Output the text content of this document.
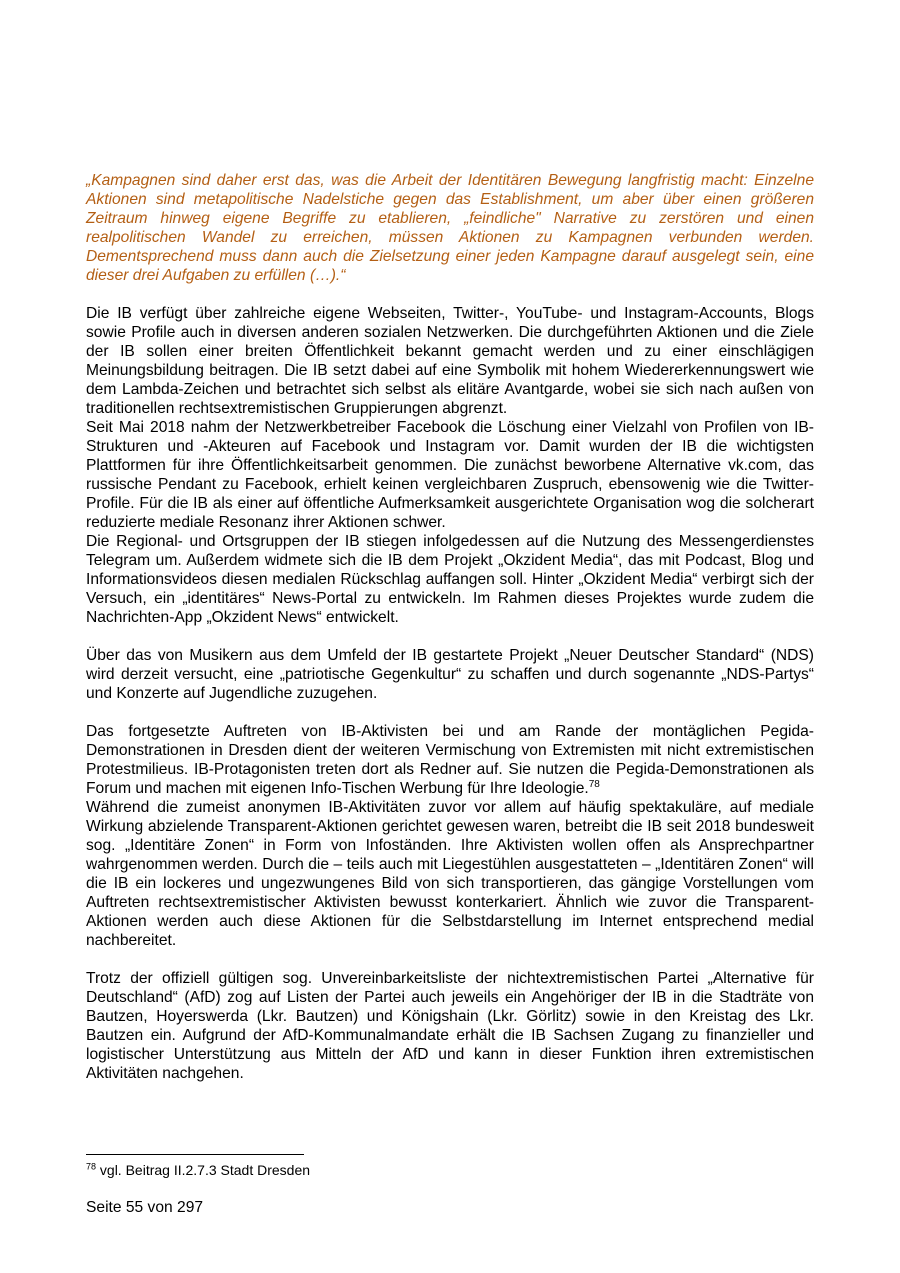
„Kampagnen sind daher erst das, was die Arbeit der Identitären Bewegung langfristig macht: Einzelne Aktionen sind metapolitische Nadelstiche gegen das Establishment, um aber über einen größeren Zeitraum hinweg eigene Begriffe zu etablieren, „feindliche" Narrative zu zerstören und einen realpolitischen Wandel zu erreichen, müssen Aktionen zu Kampagnen verbunden werden. Dementsprechend muss dann auch die Zielsetzung einer jeden Kampagne darauf ausgelegt sein, eine dieser drei Aufgaben zu erfüllen (…).“

Die IB verfügt über zahlreiche eigene Webseiten, Twitter-, YouTube- und Instagram-Accounts, Blogs sowie Profile auch in diversen anderen sozialen Netzwerken. Die durchgeführten Aktionen und die Ziele der IB sollen einer breiten Öffentlichkeit bekannt gemacht werden und zu einer einschlägigen Meinungsbildung beitragen. Die IB setzt dabei auf eine Symbolik mit hohem Wiedererkennungswert wie dem Lambda-Zeichen und betrachtet sich selbst als elitäre Avantgarde, wobei sie sich nach außen von traditionellen rechtsextremistischen Gruppierungen abgrenzt.

Seit Mai 2018 nahm der Netzwerkbetreiber Facebook die Löschung einer Vielzahl von Profilen von IB-Strukturen und -Akteuren auf Facebook und Instagram vor. Damit wurden der IB die wichtigsten Plattformen für ihre Öffentlichkeitsarbeit genommen. Die zunächst beworbene Alternative vk.com, das russische Pendant zu Facebook, erhielt keinen vergleichbaren Zuspruch, ebensowenig wie die Twitter-Profile. Für die IB als einer auf öffentliche Aufmerksamkeit ausgerichtete Organisation wog die solcherart reduzierte mediale Resonanz ihrer Aktionen schwer.

Die Regional- und Ortsgruppen der IB stiegen infolgedessen auf die Nutzung des Messengerdienstes Telegram um. Außerdem widmete sich die IB dem Projekt „Okzident Media“, das mit Podcast, Blog und Informationsvideos diesen medialen Rückschlag auffangen soll. Hinter „Okzident Media“ verbirgt sich der Versuch, ein „identitäres“ News-Portal zu entwickeln. Im Rahmen dieses Projektes wurde zudem die Nachrichten-App „Okzident News“ entwickelt.

Über das von Musikern aus dem Umfeld der IB gestartete Projekt „Neuer Deutscher Standard“ (NDS) wird derzeit versucht, eine „patriotische Gegenkultur“ zu schaffen und durch sogenannte „NDS-Partys“ und Konzerte auf Jugendliche zuzugehen.

Das fortgesetzte Auftreten von IB-Aktivisten bei und am Rande der montäglichen Pegida-Demonstrationen in Dresden dient der weiteren Vermischung von Extremisten mit nicht extremistischen Protestmilieus. IB-Protagonisten treten dort als Redner auf. Sie nutzen die Pegida-Demonstrationen als Forum und machen mit eigenen Info-Tischen Werbung für Ihre Ideologie.$^{78}$

Während die zumeist anonymen IB-Aktivitäten zuvor vor allem auf häufig spektakuläre, auf mediale Wirkung abzielende Transparent-Aktionen gerichtet gewesen waren, betreibt die IB seit 2018 bundesweit sog. „Identitäre Zonen“ in Form von Infoständen. Ihre Aktivisten wollen offen als Ansprechpartner wahrgenommen werden. Durch die – teils auch mit Liegestühlen ausgestatteten – „Identitären Zonen“ will die IB ein lockeres und ungezwungenes Bild von sich transportieren, das gängige Vorstellungen vom Auftreten rechtsextremistischer Aktivisten bewusst konterkariert. Ähnlich wie zuvor die Transparent-Aktionen werden auch diese Aktionen für die Selbstdarstellung im Internet entsprechend medial nachbereitet.

Trotz der offiziell gültigen sog. Unvereinbarkeitsliste der nichtextremistischen Partei „Alternative für Deutschland“ (AfD) zog auf Listen der Partei auch jeweils ein Angehöriger der IB in die Stadträte von Bautzen, Hoyerswerda (Lkr. Bautzen) und Königshain (Lkr. Görlitz) sowie in den Kreistag des Lkr. Bautzen ein. Aufgrund der AfD-Kommunalmandate erhält die IB Sachsen Zugang zu finanzieller und logistischer Unterstützung aus Mitteln der AfD und kann in dieser Funktion ihren extremistischen Aktivitäten nachgehen.

$^{78}$ vgl. Beitrag II.2.7.3 Stadt Dresden
Seite 55 von 297
